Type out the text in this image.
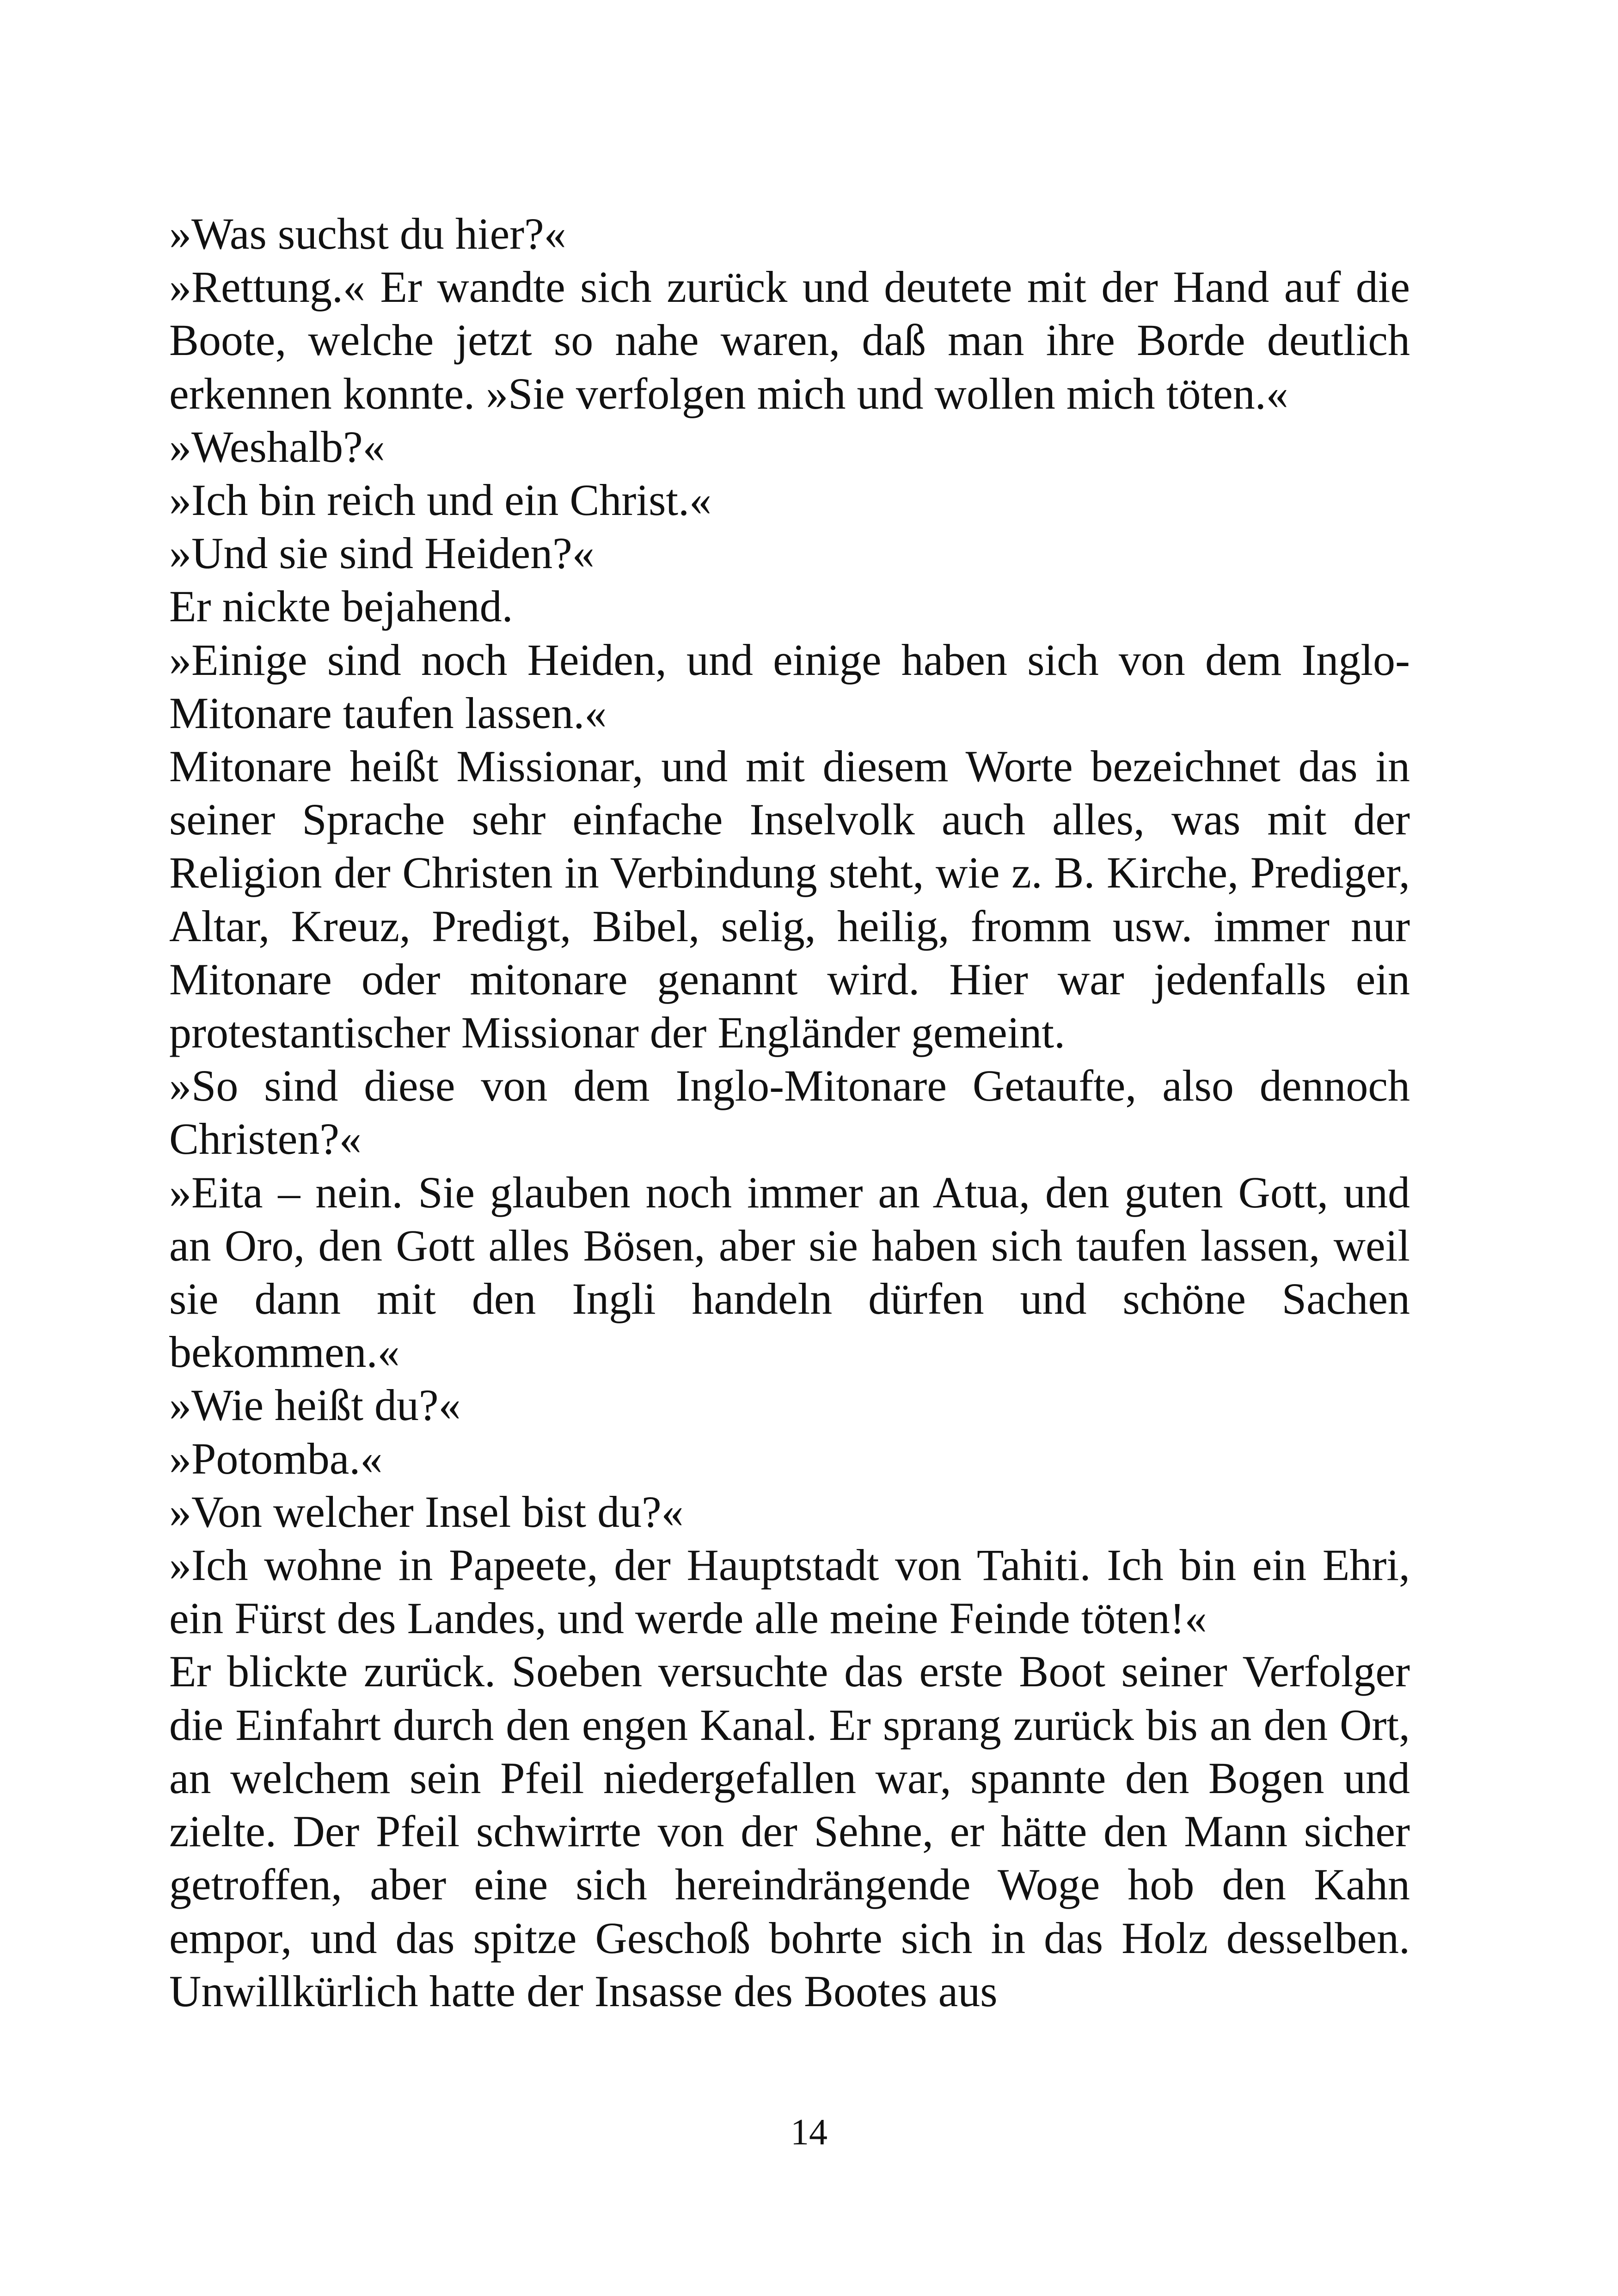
»Was suchst du hier?«

»Rettung.« Er wandte sich zurück und deutete mit der Hand auf die Boote, welche jetzt so nahe waren, daß man ihre Borde deutlich erkennen konnte. »Sie verfolgen mich und wollen mich töten.«

»Weshalb?«

»Ich bin reich und ein Christ.«

»Und sie sind Heiden?«

Er nickte bejahend.

»Einige sind noch Heiden, und einige haben sich von dem Inglo-Mitonare taufen lassen.«

Mitonare heißt Missionar, und mit diesem Worte bezeichnet das in seiner Sprache sehr einfache Inselvolk auch alles, was mit der Religion der Christen in Verbindung steht, wie z. B. Kirche, Prediger, Altar, Kreuz, Predigt, Bibel, selig, heilig, fromm usw. immer nur Mitonare oder mitonare genannt wird. Hier war jedenfalls ein protestantischer Missionar der Engländer gemeint.

»So sind diese von dem Inglo-Mitonare Getaufte, also dennoch Christen?«

»Eita – nein. Sie glauben noch immer an Atua, den guten Gott, und an Oro, den Gott alles Bösen, aber sie haben sich taufen lassen, weil sie dann mit den Ingli handeln dürfen und schöne Sachen bekommen.«

»Wie heißt du?«

»Potomba.«

»Von welcher Insel bist du?«

»Ich wohne in Papeete, der Hauptstadt von Tahiti. Ich bin ein Ehri, ein Fürst des Landes, und werde alle meine Feinde töten!«

Er blickte zurück. Soeben versuchte das erste Boot seiner Verfolger die Einfahrt durch den engen Kanal. Er sprang zurück bis an den Ort, an welchem sein Pfeil niedergefallen war, spannte den Bogen und zielte. Der Pfeil schwirrte von der Sehne, er hätte den Mann sicher getroffen, aber eine sich hereindrängende Woge hob den Kahn empor, und das spitze Geschoß bohrte sich in das Holz desselben. Unwillkürlich hatte der Insasse des Bootes aus

14
